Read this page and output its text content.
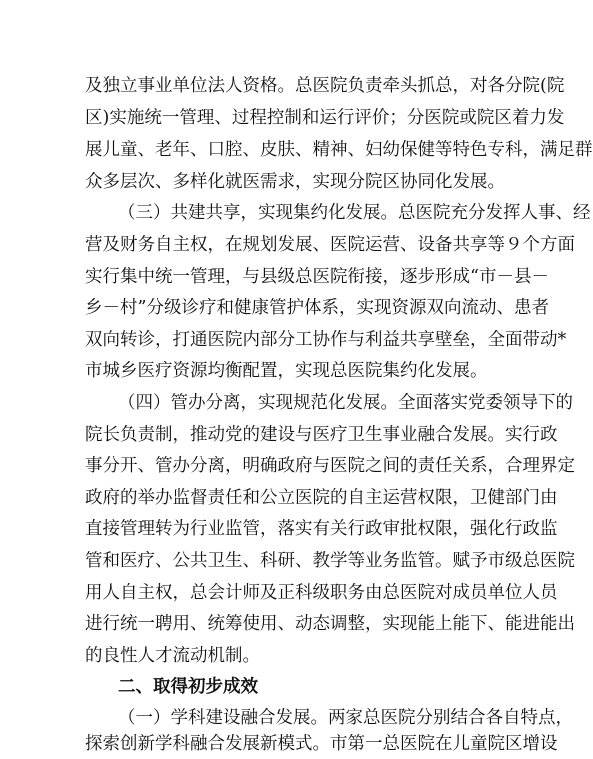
及独立事业单位法人资格。总医院负责牵头抓总，对各分院(院
区)实施统一管理、过程控制和运行评价；分医院或院区着力发
展儿童、老年、口腔、皮肤、精神、妇幼保健等特色专科，满足群
众多层次、多样化就医需求，实现分院区协同化发展。
（三）共建共享，实现集约化发展。总医院充分发挥人事、经
营及财务自主权，在规划发展、医院运营、设备共享等９个方面
实行集中统一管理，与县级总医院衔接，逐步形成“市－县－
乡－村”分级诊疗和健康管护体系，实现资源双向流动、患者
双向转诊，打通医院内部分工协作与利益共享壁垒，全面带动*
市城乡医疗资源均衡配置，实现总医院集约化发展。
（四）管办分离，实现规范化发展。全面落实党委领导下的
院长负责制，推动党的建设与医疗卫生事业融合发展。实行政
事分开、管办分离，明确政府与医院之间的责任关系，合理界定
政府的举办监督责任和公立医院的自主运营权限，卫健部门由
直接管理转为行业监管，落实有关行政审批权限，强化行政监
管和医疗、公共卫生、科研、教学等业务监管。赋予市级总医院
用人自主权，总会计师及正科级职务由总医院对成员单位人员
进行统一聘用、统筹使用、动态调整，实现能上能下、能进能出
的良性人才流动机制。
二、取得初步成效
（一）学科建设融合发展。两家总医院分别结合各自特点，
探索创新学科融合发展新模式。市第一总医院在儿童院区增设
